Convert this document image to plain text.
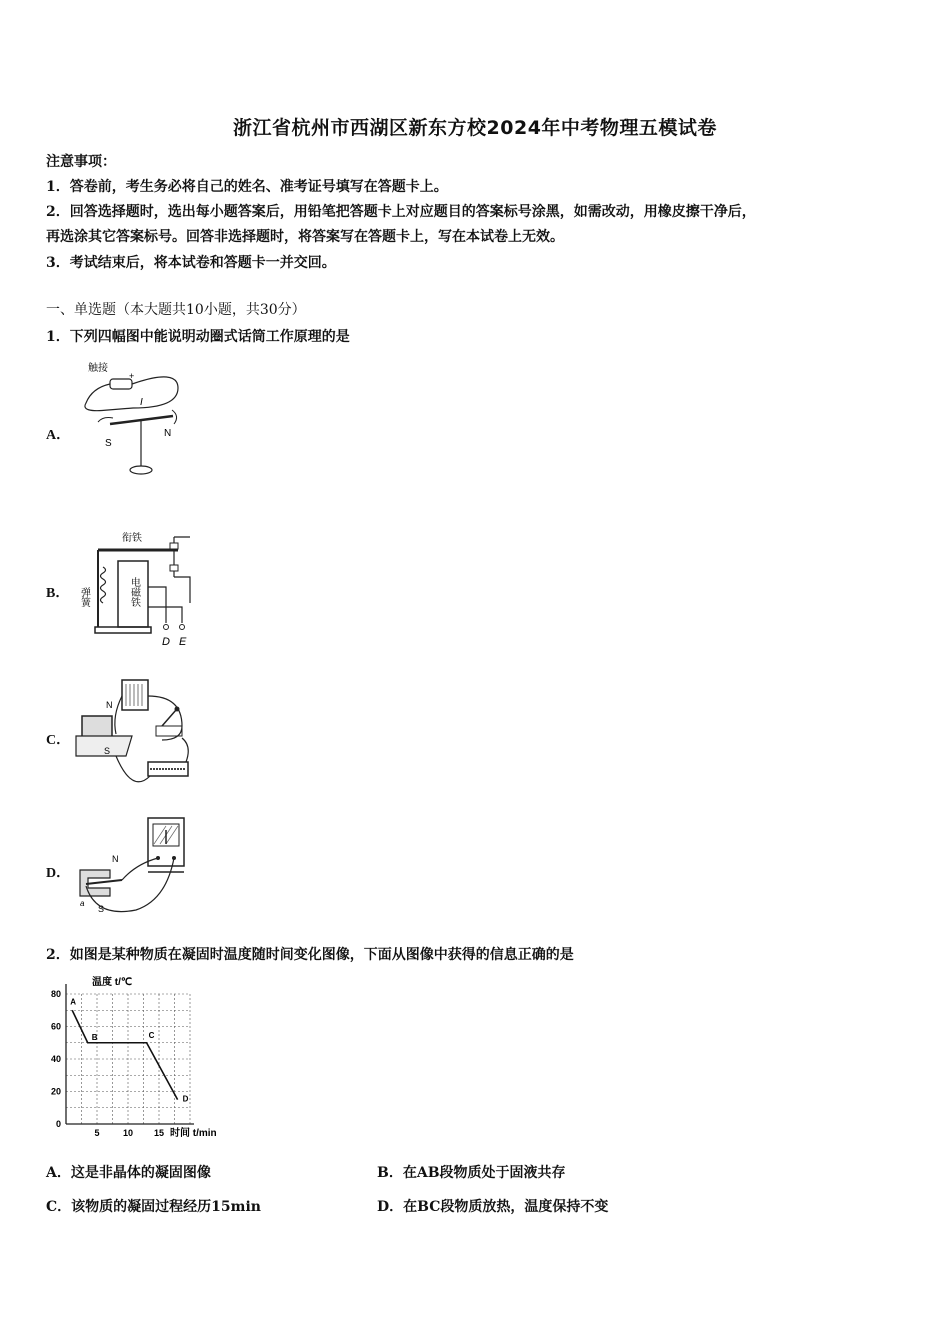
浙江省杭州市西湖区新东方校2024年中考物理五模试卷
注意事项：
1．答卷前，考生务必将自己的姓名、准考证号填写在答题卡上。
2．回答选择题时，选出每小题答案后，用铅笔把答题卡上对应题目的答案标号涂黑，如需改动，用橡皮擦干净后，
再选涂其它答案标号。回答非选择题时，将答案写在答题卡上，写在本试卷上无效。
3．考试结束后，将本试卷和答题卡一并交回。
一、单选题（本大题共10小题，共30分）
1．下列四幅图中能说明动圈式话筒工作原理的是
A．
触接
+
I
S
N
B．
衔铁
弹簧	电磁铁
D E
C．
N
S
D．
N
S
a
2．如图是某种物质在凝固时温度随时间变化图像，下面从图像中获得的信息正确的是
温度 t/℃
时间 t/min
80
60
40
20
0
5	10 15
A
B	C
D
A．这是非晶体的凝固图像	B．在AB段物质处于固液共存
C．该物质的凝固过程经历15min	D．在BC段物质放热，温度保持不变
